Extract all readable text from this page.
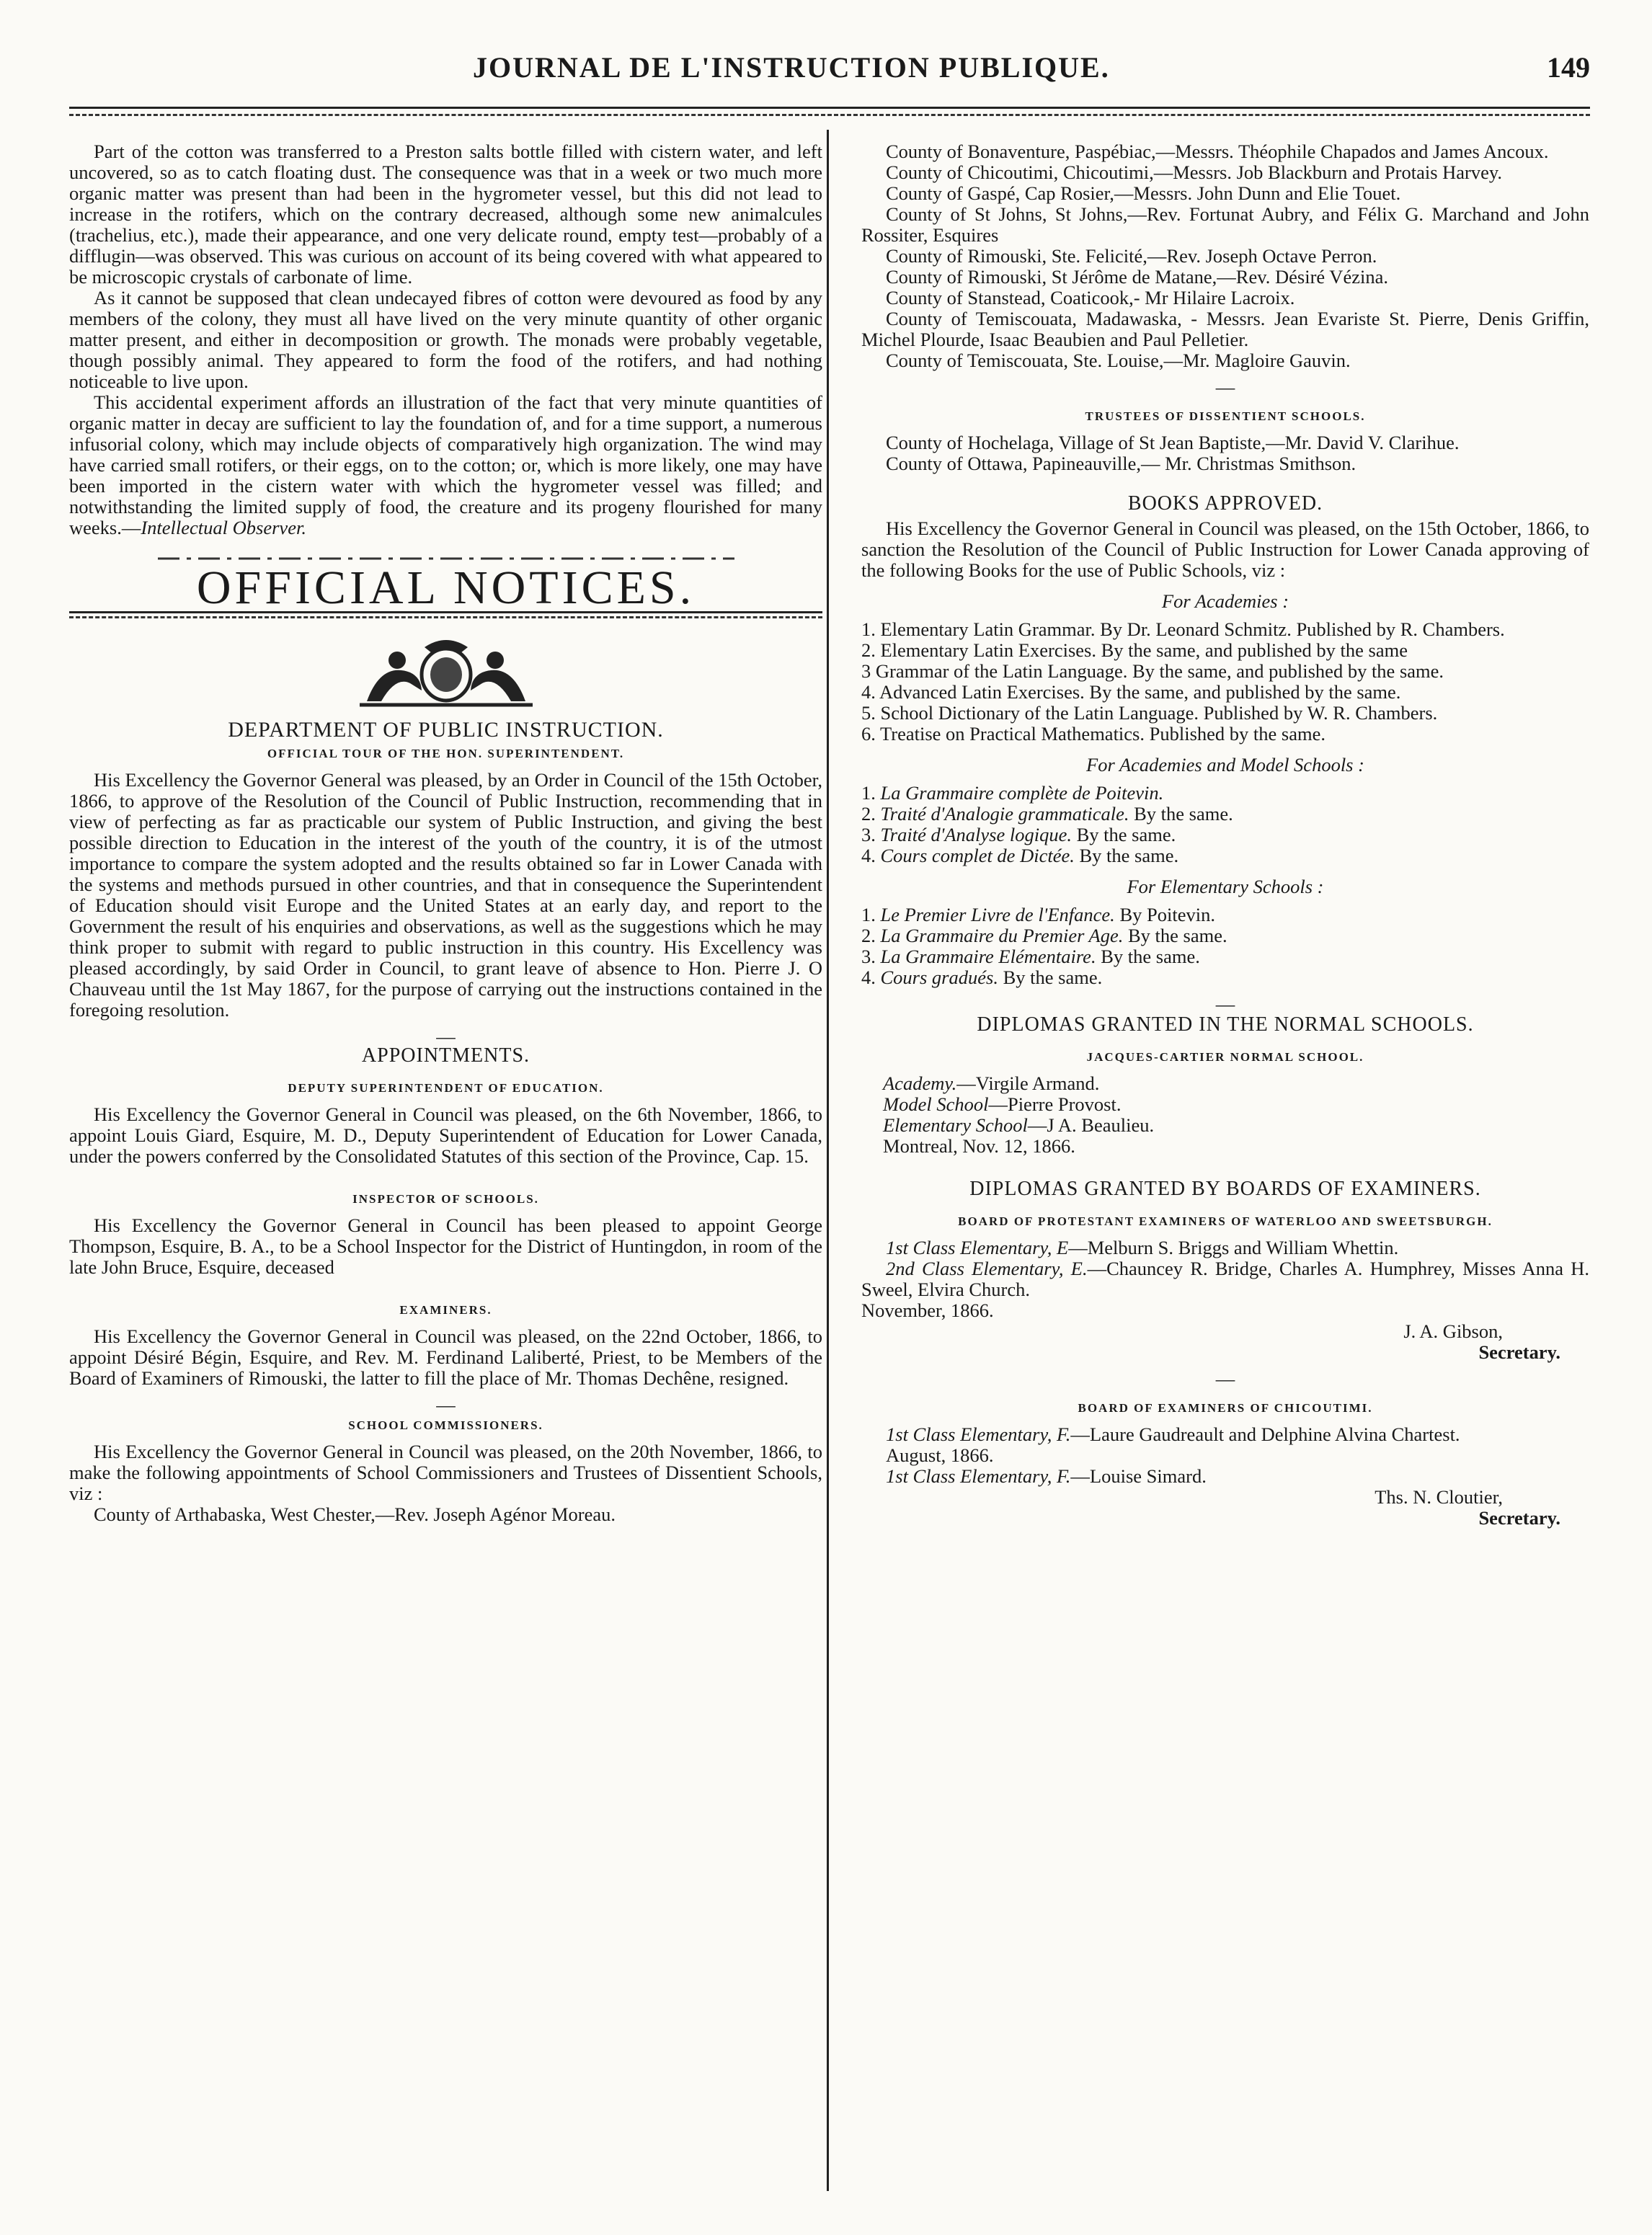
JOURNAL DE L'INSTRUCTION PUBLIQUE.	149

Part of the cotton was transferred to a Preston salts bottle filled with cistern water, and left uncovered, so as to catch floating dust. The consequence was that in a week or two much more organic matter was present than had been in the hygrometer vessel, but this did not lead to increase in the rotifers, which on the contrary decreased, although some new animalcules (trachelius, etc.), made their appearance, and one very delicate round, empty test—probably of a difflugin—was observed. This was curious on account of its being covered with what appeared to be microscopic crystals of carbonate of lime.

As it cannot be supposed that clean undecayed fibres of cotton were devoured as food by any members of the colony, they must all have lived on the very minute quantity of other organic matter present, and either in decomposition or growth. The monads were probably vegetable, though possibly animal. They appeared to form the food of the rotifers, and had nothing noticeable to live upon.

This accidental experiment affords an illustration of the fact that very minute quantities of organic matter in decay are sufficient to lay the foundation of, and for a time support, a numerous infusorial colony, which may include objects of comparatively high organization. The wind may have carried small rotifers, or their eggs, on to the cotton; or, which is more likely, one may have been imported in the cistern water with which the hygrometer vessel was filled; and notwithstanding the limited supply of food, the creature and its progeny flourished for many weeks.—Intellectual Observer.

OFFICIAL NOTICES.

DEPARTMENT OF PUBLIC INSTRUCTION.

OFFICIAL TOUR OF THE HON. SUPERINTENDENT.

His Excellency the Governor General was pleased, by an Order in Council of the 15th October, 1866, to approve of the Resolution of the Council of Public Instruction, recommending that in view of perfecting as far as practicable our system of Public Instruction, and giving the best possible direction to Education in the interest of the youth of the country, it is of the utmost importance to compare the system adopted and the results obtained so far in Lower Canada with the systems and methods pursued in other countries, and that in consequence the Superintendent of Education should visit Europe and the United States at an early day, and report to the Government the result of his enquiries and observations, as well as the suggestions which he may think proper to submit with regard to public instruction in this country. His Excellency was pleased accordingly, by said Order in Council, to grant leave of absence to Hon. Pierre J. O Chauveau until the 1st May 1867, for the purpose of carrying out the instructions contained in the foregoing resolution.

—

APPOINTMENTS.

DEPUTY SUPERINTENDENT OF EDUCATION.

His Excellency the Governor General in Council was pleased, on the 6th November, 1866, to appoint Louis Giard, Esquire, M. D., Deputy Superintendent of Education for Lower Canada, under the powers conferred by the Consolidated Statutes of this section of the Province, Cap. 15.

INSPECTOR OF SCHOOLS.

His Excellency the Governor General in Council has been pleased to appoint George Thompson, Esquire, B. A., to be a School Inspector for the District of Huntingdon, in room of the late John Bruce, Esquire, deceased

EXAMINERS.

His Excellency the Governor General in Council was pleased, on the 22nd October, 1866, to appoint Désiré Bégin, Esquire, and Rev. M. Ferdinand Laliberté, Priest, to be Members of the Board of Examiners of Rimouski, the latter to fill the place of Mr. Thomas Dechêne, resigned.

—

SCHOOL COMMISSIONERS.

His Excellency the Governor General in Council was pleased, on the 20th November, 1866, to make the following appointments of School Commissioners and Trustees of Dissentient Schools, viz :

County of Arthabaska, West Chester,—Rev. Joseph Agénor Moreau.

County of Bonaventure, Paspébiac,—Messrs. Théophile Chapados and James Ancoux.

County of Chicoutimi, Chicoutimi,—Messrs. Job Blackburn and Protais Harvey.

County of Gaspé, Cap Rosier,—Messrs. John Dunn and Elie Touet.

County of St Johns, St Johns,—Rev. Fortunat Aubry, and Félix G. Marchand and John Rossiter, Esquires

County of Rimouski, Ste. Felicité,—Rev. Joseph Octave Perron.

County of Rimouski, St Jérôme de Matane,—Rev. Désiré Vézina.

County of Stanstead, Coaticook,- Mr Hilaire Lacroix.

County of Temiscouata, Madawaska, - Messrs. Jean Evariste St. Pierre, Denis Griffin, Michel Plourde, Isaac Beaubien and Paul Pelletier.

County of Temiscouata, Ste. Louise,—Mr. Magloire Gauvin.

—

TRUSTEES OF DISSENTIENT SCHOOLS.

County of Hochelaga, Village of St Jean Baptiste,—Mr. David V. Clarihue.

County of Ottawa, Papineauville,— Mr. Christmas Smithson.

BOOKS APPROVED.

His Excellency the Governor General in Council was pleased, on the 15th October, 1866, to sanction the Resolution of the Council of Public Instruction for Lower Canada approving of the following Books for the use of Public Schools, viz :

For Academies :

1. Elementary Latin Grammar. By Dr. Leonard Schmitz. Published by R. Chambers.

2. Elementary Latin Exercises. By the same, and published by the same

3 Grammar of the Latin Language. By the same, and published by the same.

4. Advanced Latin Exercises. By the same, and published by the same.

5. School Dictionary of the Latin Language. Published by W. R. Chambers.

6. Treatise on Practical Mathematics. Published by the same.

For Academies and Model Schools :

1. La Grammaire complète de Poitevin.

2. Traité d'Analogie grammaticale. By the same.

3. Traité d'Analyse logique. By the same.

4. Cours complet de Dictée. By the same.

For Elementary Schools :

1. Le Premier Livre de l'Enfance. By Poitevin.

2. La Grammaire du Premier Age. By the same.

3. La Grammaire Elémentaire. By the same.

4. Cours gradués. By the same.

—

DIPLOMAS GRANTED IN THE NORMAL SCHOOLS.

JACQUES-CARTIER NORMAL SCHOOL.

Academy.—Virgile Armand.

Model School—Pierre Provost.

Elementary School—J A. Beaulieu.

Montreal, Nov. 12, 1866.

DIPLOMAS GRANTED BY BOARDS OF EXAMINERS.

BOARD OF PROTESTANT EXAMINERS OF WATERLOO AND SWEETSBURGH.

1st Class Elementary, E—Melburn S. Briggs and William Whettin.

2nd Class Elementary, E.—Chauncey R. Bridge, Charles A. Humphrey, Misses Anna H. Sweel, Elvira Church.

November, 1866.

J. A. Gibson,

Secretary.

—

BOARD OF EXAMINERS OF CHICOUTIMI.

1st Class Elementary, F.—Laure Gaudreault and Delphine Alvina Chartest.

August, 1866.

1st Class Elementary, F.—Louise Simard.

Ths. N. Cloutier,

Secretary.
